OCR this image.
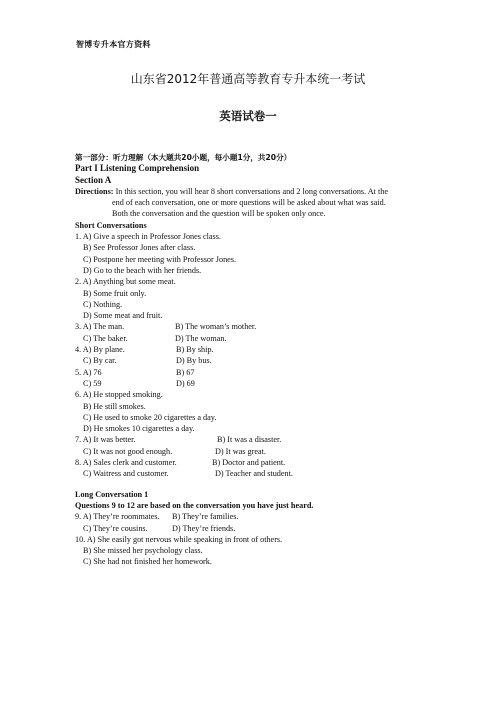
智博专升本官方资料
山东省2012年普通高等教育专升本统一考试
英语试卷一
第一部分：听力理解（本大题共20小题，每小题1分，共20分）
Part I Listening Comprehension
Section A
Directions: In this section, you will hear 8 short conversations and 2 long conversations. At the
end of each conversation, one or more questions will be asked about what was said.
Both the conversation and the question will be spoken only once.
Short Conversations
1. A) Give a speech in Professor Jones class.
B) See Professor Jones after class.
C) Postpone her meeting with Professor Jones.
D) Go to the beach with her friends.
2. A) Anything but some meat.
B) Some fruit only.
C) Nothing.
D) Some meat and fruit.
3. A) The man.	B) The woman’s mother.
C) The baker.	D) The woman.
4. A) By plane.	B) By ship.
C) By car.	D) By bus.
5. A) 76	B) 67
C) 59	D) 69
6. A) He stopped smoking.
B) He still smokes.
C) He used to smoke 20 cigarettes a day.
D) He smokes 10 cigarettes a day.
7. A) It was better.	B) It was a disaster.
C) It was not good enough.	D) It was great.
8. A) Sales clerk and customer.	B) Doctor and patient.
C) Waitress and customer.	D) Teacher and student.
Long Conversation 1
Questions 9 to 12 are based on the conversation you have just heard.
9. A) They’re roommates. B) They’re families.
C) They’re cousins.	D) They’re friends.
10. A) She easily got nervous while speaking in front of others.
B) She missed her psychology class.
C) She had not finished her homework.
